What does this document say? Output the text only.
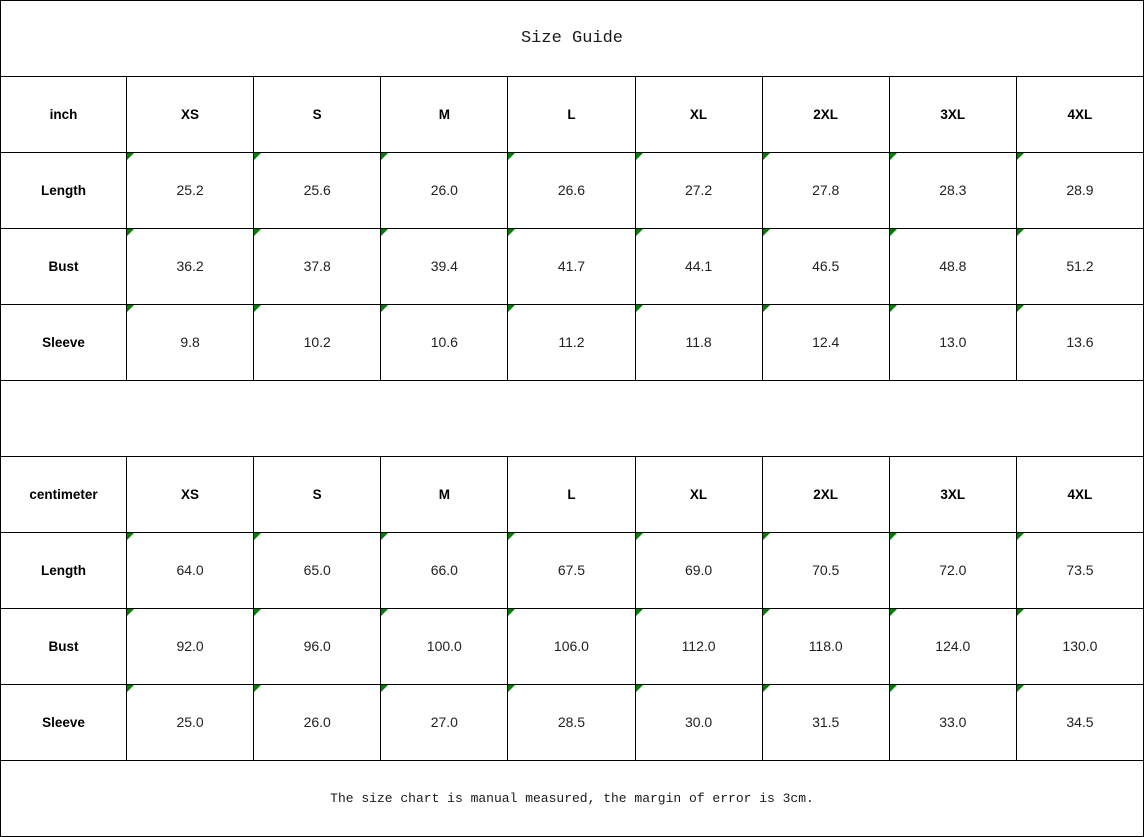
Size Guide								
inch	XS	S	M	L	XL	2XL	3XL	4XL
Length	25.2	25.6	26.0	26.6	27.2	27.8	28.3	28.9
Bust	36.2	37.8	39.4	41.7	44.1	46.5	48.8	51.2
Sleeve	9.8	10.2	10.6	11.2	11.8	12.4	13.0	13.6

centimeter	XS	S	M	L	XL	2XL	3XL	4XL
Length	64.0	65.0	66.0	67.5	69.0	70.5	72.0	73.5
Bust	92.0	96.0	100.0	106.0	112.0	118.0	124.0	130.0
Sleeve	25.0	26.0	27.0	28.5	30.0	31.5	33.0	34.5
The size chart is manual measured, the margin of error is 3cm.								
